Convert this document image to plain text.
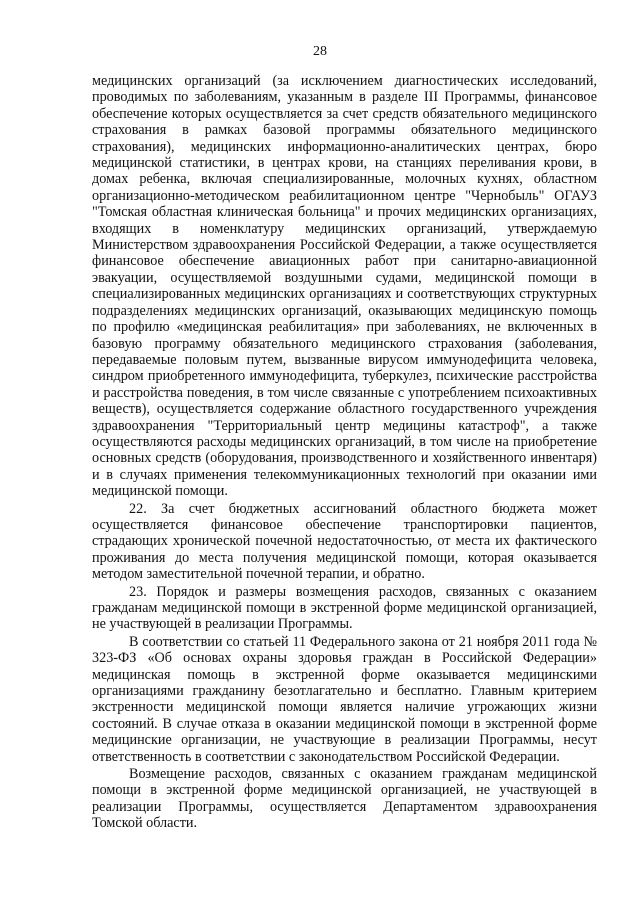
28

медицинских организаций (за исключением диагностических исследований, проводимых по заболеваниям, указанным в разделе III Программы, финансовое обеспечение которых осуществляется за счет средств обязательного медицинского страхования в рамках базовой программы обязательного медицинского страхования), медицинских информационно-аналитических центрах, бюро медицинской статистики, в центрах крови, на станциях переливания крови, в домах ребенка, включая специализированные, молочных кухнях, областном организационно-методическом реабилитационном центре "Чернобыль" ОГАУЗ "Томская областная клиническая больница" и прочих медицинских организациях, входящих в номенклатуру медицинских организаций, утверждаемую Министерством здравоохранения Российской Федерации, а также осуществляется финансовое обеспечение авиационных работ при санитарно-авиационной эвакуации, осуществляемой воздушными судами, медицинской помощи в специализированных медицинских организациях и соответствующих структурных подразделениях медицинских организаций, оказывающих медицинскую помощь по профилю «медицинская реабилитация» при заболеваниях, не включенных в базовую программу обязательного медицинского страхования (заболевания, передаваемые половым путем, вызванные вирусом иммунодефицита человека, синдром приобретенного иммунодефицита, туберкулез, психические расстройства и расстройства поведения, в том числе связанные с употреблением психоактивных веществ), осуществляется содержание областного государственного учреждения здравоохранения "Территориальный центр медицины катастроф", а также осуществляются расходы медицинских организаций, в том числе на приобретение основных средств (оборудования, производственного и хозяйственного инвентаря) и в случаях применения телекоммуникационных технологий при оказании ими медицинской помощи.

22. За счет бюджетных ассигнований областного бюджета может осуществляется финансовое обеспечение транспортировки пациентов, страдающих хронической почечной недостаточностью, от места их фактического проживания до места получения медицинской помощи, которая оказывается методом заместительной почечной терапии, и обратно.

23. Порядок и размеры возмещения расходов, связанных с оказанием гражданам медицинской помощи в экстренной форме медицинской организацией, не участвующей в реализации Программы.

В соответствии со статьей 11 Федерального закона от 21 ноября 2011 года № 323-ФЗ «Об основах охраны здоровья граждан в Российской Федерации» медицинская помощь в экстренной форме оказывается медицинскими организациями гражданину безотлагательно и бесплатно. Главным критерием экстренности медицинской помощи является наличие угрожающих жизни состояний. В случае отказа в оказании медицинской помощи в экстренной форме медицинские организации, не участвующие в реализации Программы, несут ответственность в соответствии с законодательством Российской Федерации.

Возмещение расходов, связанных с оказанием гражданам медицинской помощи в экстренной форме медицинской организацией, не участвующей в реализации Программы, осуществляется Департаментом здравоохранения Томской области.
